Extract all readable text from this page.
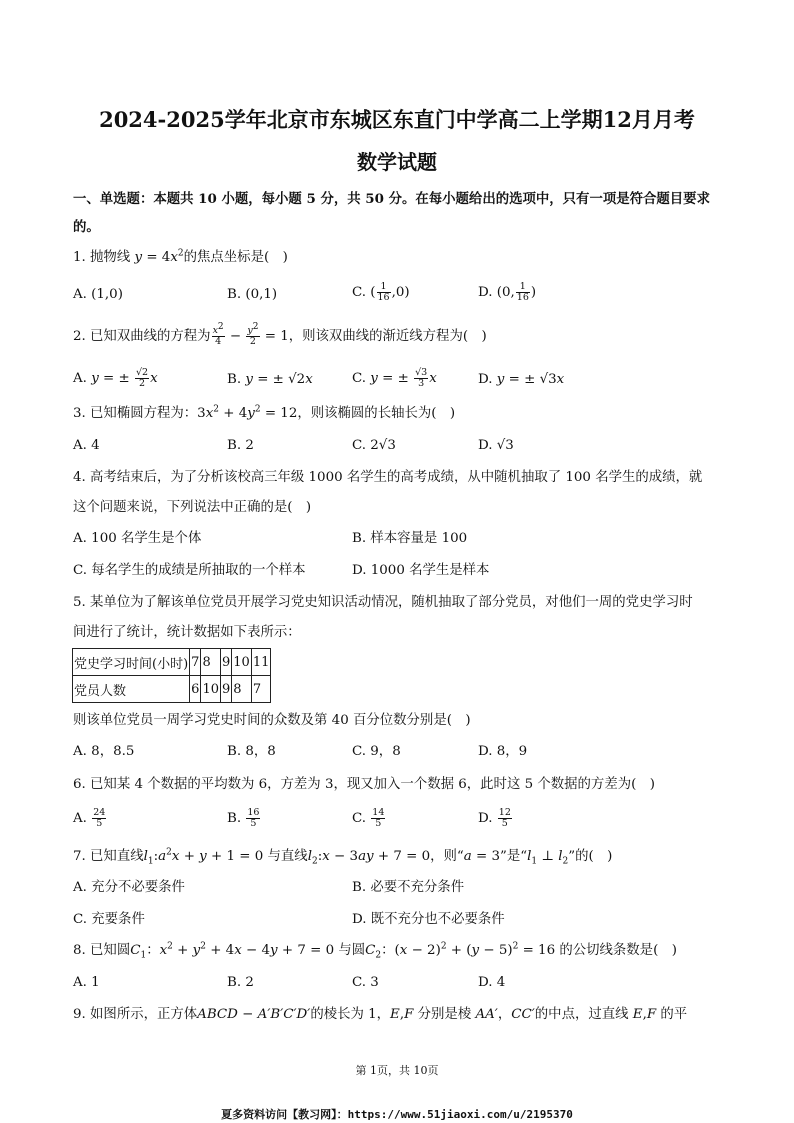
2024-2025学年北京市东城区东直门中学高二上学期12月月考
数学试题
一、单选题：本题共 10 小题，每小题 5 分，共 50 分。在每小题给出的选项中，只有一项是符合题目要求
的。
1. 抛物线 $y = 4x^2$的焦点坐标是(　)
A. (1,0)	B. (0,1)	C. ( $\frac{1}{16} ,0$)	D. (0, $\frac{1}{16}$ )
2. 已知双曲线的方程为 $\frac{x^2}{4} - \frac{y^2}{2} = 1$，则该双曲线的渐近线方程为(　)
A. y = ± $\frac{√2}{2}$ x	B. y = ± √2x	C. y = ± $\frac{√3}{3}$ x	D. y = ± √3x
3. 已知椭圆方程为：$3x^2 + 4y^2 = 12$，则该椭圆的长轴长为(　)
A. 4	B. 2	C. 2√3	D. √3
4. 高考结束后，为了分析该校高三年级 1000 名学生的高考成绩，从中随机抽取了 100 名学生的成绩，就
这个问题来说，下列说法中正确的是(　)
A. 100 名学生是个体	B. 样本容量是 100
C. 每名学生的成绩是所抽取的一个样本	D. 1000 名学生是样本
5. 某单位为了解该单位党员开展学习党史知识活动情况，随机抽取了部分党员，对他们一周的党史学习时
间进行了统计，统计数据如下表所示：
党史学习时间(小时)	7	8	9	10	11
党员人数	6	10	9	8	7
则该单位党员一周学习党史时间的众数及第 40 百分位数分别是(　)
A. 8，8.5	B. 8，8	C. 9，8	D. 8，9
6. 已知某 4 个数据的平均数为 6，方差为 3，现又加入一个数据 6，此时这 5 个数据的方差为(　)
A. $\frac{24}{5}$	B. $\frac{16}{5}$	C. $\frac{14}{5}$	D. $\frac{12}{5}$
7. 已知直线$l_1:a^2x + y + 1 = 0$ 与直线$l_2:x - 3ay + 7 = 0$，则“a = 3”是“$l_1$ ⊥ $l_2$”的(　)
A. 充分不必要条件	B. 必要不充分条件
C. 充要条件	D. 既不充分也不必要条件
8. 已知圆$C_1$：$x^2 + y^2 + 4x - 4y + 7 = 0$ 与圆$C_2$：$(x - 2)^2 + (y - 5)^2 = 16$ 的公切线条数是(　)
A. 1	B. 2	C. 3	D. 4
9. 如图所示，正方体ABCD − A′B′C′D′的棱长为 1，E,F 分别是棱 AA′，CC′的中点，过直线 E,F 的平
第 1页，共 10页
夏多资料访问【教习网】：https://www.51jiaoxi.com/u/2195370
